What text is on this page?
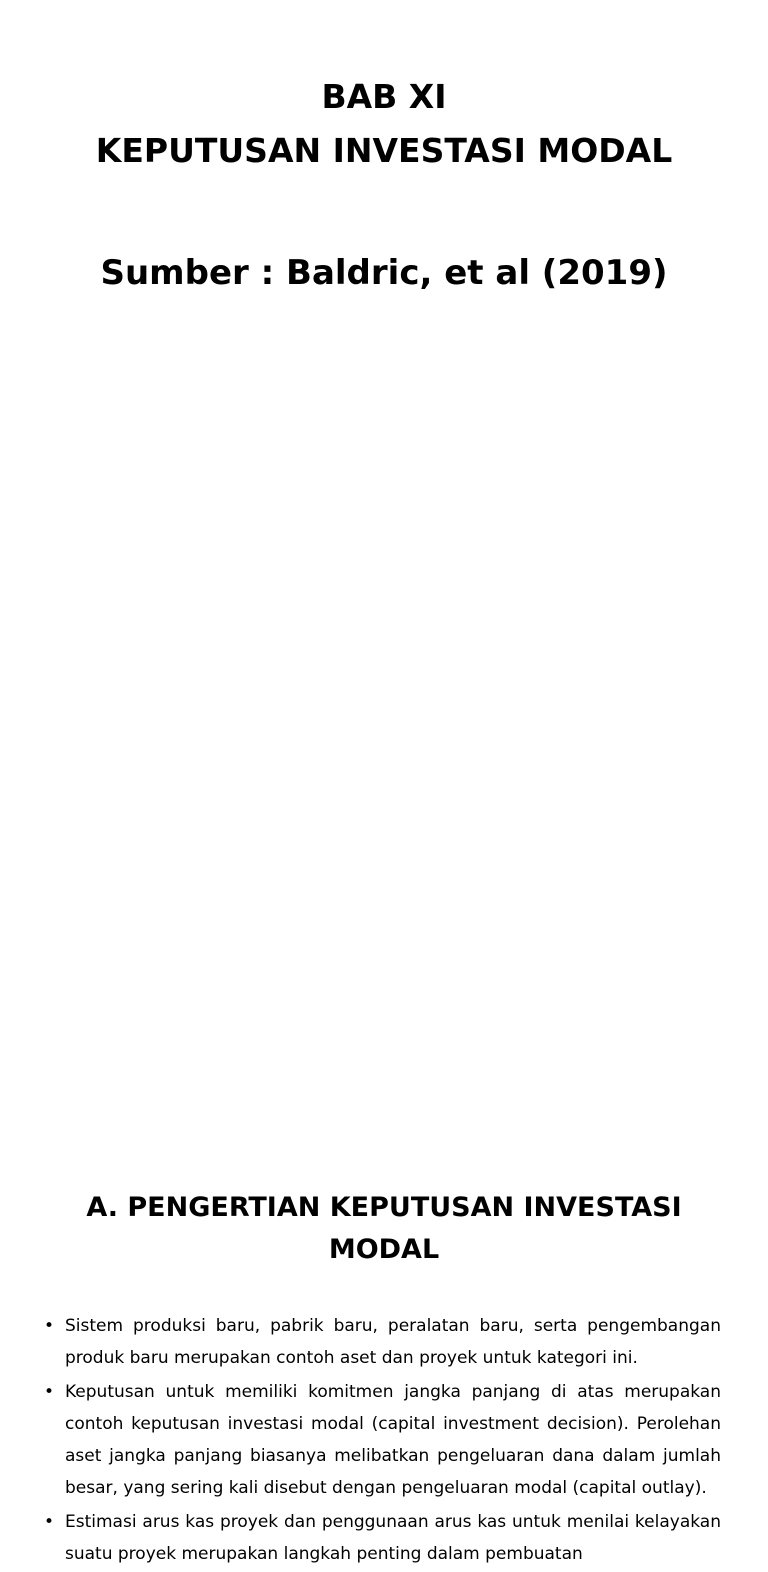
BAB XI
KEPUTUSAN INVESTASI MODAL
Sumber : Baldric, et al (2019)
A. PENGERTIAN KEPUTUSAN INVESTASI MODAL
• Sistem produksi baru, pabrik baru, peralatan baru, serta pengembangan produk baru merupakan contoh aset dan proyek untuk kategori ini.
• Keputusan untuk memiliki komitmen jangka panjang di atas merupakan contoh keputusan investasi modal (capital investment decision). Perolehan aset jangka panjang biasanya melibatkan pengeluaran dana dalam jumlah besar, yang sering kali disebut dengan pengeluaran modal (capital outlay).
• Estimasi arus kas proyek dan penggunaan arus kas untuk menilai kelayakan suatu proyek merupakan langkah penting dalam pembuatan
